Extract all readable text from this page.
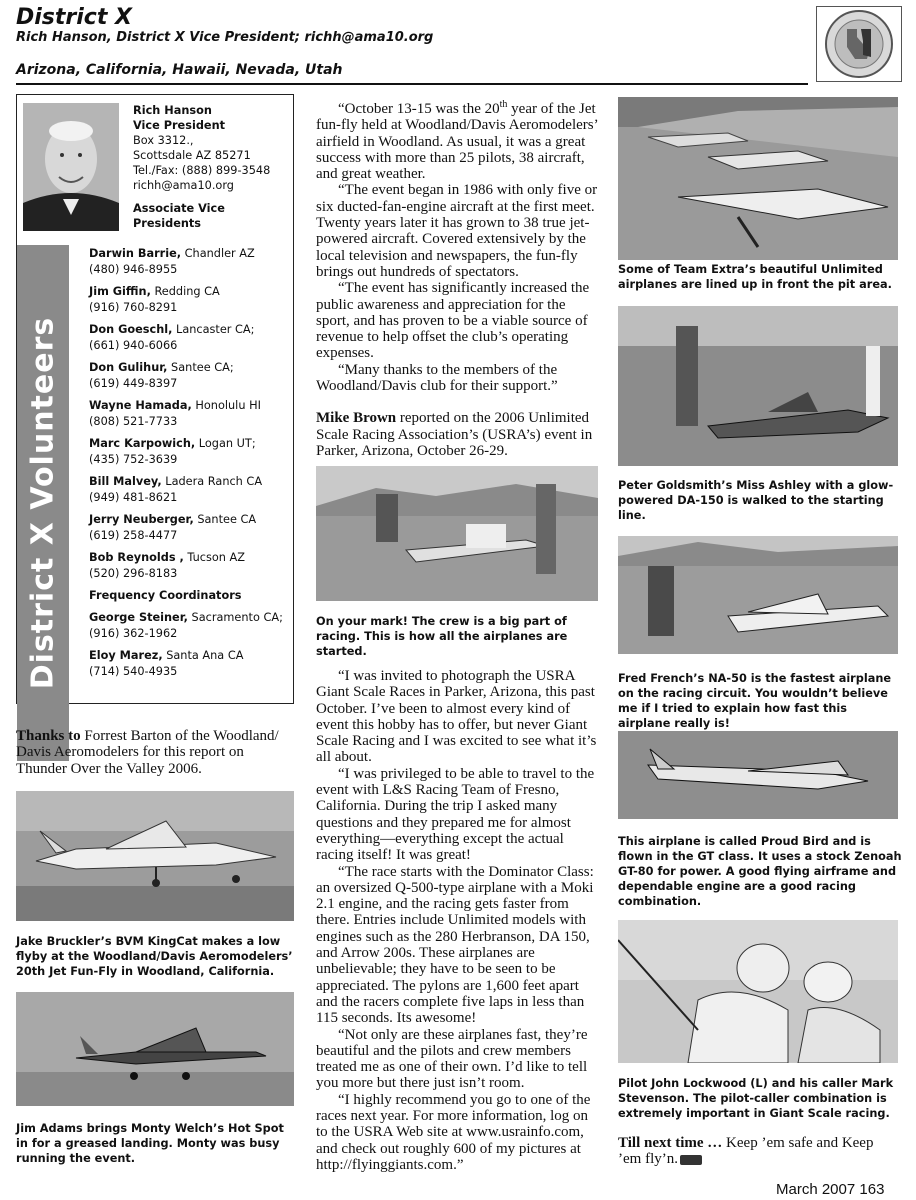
District X
Rich Hanson, District X Vice President; richh@ama10.org
Arizona, California, Hawaii, Nevada, Utah
District X Volunteers
Rich Hanson
Vice President
Box 3312.,
Scottsdale AZ 85271
Tel./Fax: (888) 899-3548
richh@ama10.org
Associate Vice Presidents
Darwin Barrie, Chandler AZ
(480) 946-8955
Jim Giffin, Redding CA
(916) 760-8291
Don Goeschl, Lancaster CA;
(661) 940-6066
Don Gulihur, Santee CA;
(619) 449-8397
Wayne Hamada, Honolulu HI
(808) 521-7733
Marc Karpowich, Logan UT;
(435) 752-3639
Bill Malvey, Ladera Ranch CA
(949) 481-8621
Jerry Neuberger, Santee CA
(619) 258-4477
Bob Reynolds , Tucson AZ
(520) 296-8183
Frequency Coordinators
George Steiner, Sacramento CA;
(916) 362-1962
Eloy Marez, Santa Ana CA
(714) 540-4935

Thanks to Forrest Barton of the Woodland/ Davis Aeromodelers for this report on Thunder Over the Valley 2006.

Jake Bruckler’s BVM KingCat makes a low flyby at the Woodland/Davis Aeromodelers’ 20th Jet Fun-Fly in Woodland, California.
Jim Adams brings Monty Welch’s Hot Spot in for a greased landing. Monty was busy running the event.

“October 13-15 was the 20th year of the Jet fun-fly held at Woodland/Davis Aeromodelers’ airfield in Woodland. As usual, it was a great success with more than 25 pilots, 38 aircraft, and great weather.

“The event began in 1986 with only five or six ducted-fan-engine aircraft at the first meet. Twenty years later it has grown to 38 true jet-powered aircraft. Covered extensively by the local television and newspapers, the fun-fly brings out hundreds of spectators.

“The event has significantly increased the public awareness and appreciation for the sport, and has proven to be a viable source of revenue to help offset the club’s operating expenses.

“Many thanks to the members of the Woodland/Davis club for their support.”

Mike Brown reported on the 2006 Unlimited Scale Racing Association’s (USRA’s) event in Parker, Arizona, October 26-29.

On your mark! The crew is a big part of racing. This is how all the airplanes are started.

“I was invited to photograph the USRA Giant Scale Races in Parker, Arizona, this past October. I’ve been to almost every kind of event this hobby has to offer, but never Giant Scale Racing and I was excited to see what it’s all about.

“I was privileged to be able to travel to the event with L&S Racing Team of Fresno, California. During the trip I asked many questions and they prepared me for almost everything—everything except the actual racing itself! It was great!

“The race starts with the Dominator Class: an oversized Q-500-type airplane with a Moki 2.1 engine, and the racing gets faster from there. Entries include Unlimited models with engines such as the 280 Herbranson, DA 150, and Arrow 200s. These airplanes are unbelievable; they have to be seen to be appreciated. The pylons are 1,600 feet apart and the racers complete five laps in less than 115 seconds. Its awesome!

“Not only are these airplanes fast, they’re beautiful and the pilots and crew members treated me as one of their own. I’d like to tell you more but there just isn’t room.

“I highly recommend you go to one of the races next year. For more information, log on to the USRA Web site at www.usrainfo.com, and check out roughly 600 of my pictures at http://flyinggiants.com.”

Some of Team Extra’s beautiful Unlimited airplanes are lined up in front the pit area.
Peter Goldsmith’s Miss Ashley with a glow-powered DA-150 is walked to the starting line.
Fred French’s NA-50 is the fastest airplane on the racing circuit. You wouldn’t believe me if I tried to explain how fast this airplane really is!
This airplane is called Proud Bird and is flown in the GT class. It uses a stock Zenoah GT-80 for power. A good flying airframe and dependable engine are a good racing combination.
Pilot John Lockwood (L) and his caller Mark Stevenson. The pilot-caller combination is extremely important in Giant Scale racing.

Till next time … Keep ’em safe and Keep ’em fly’n.

March 2007 163
